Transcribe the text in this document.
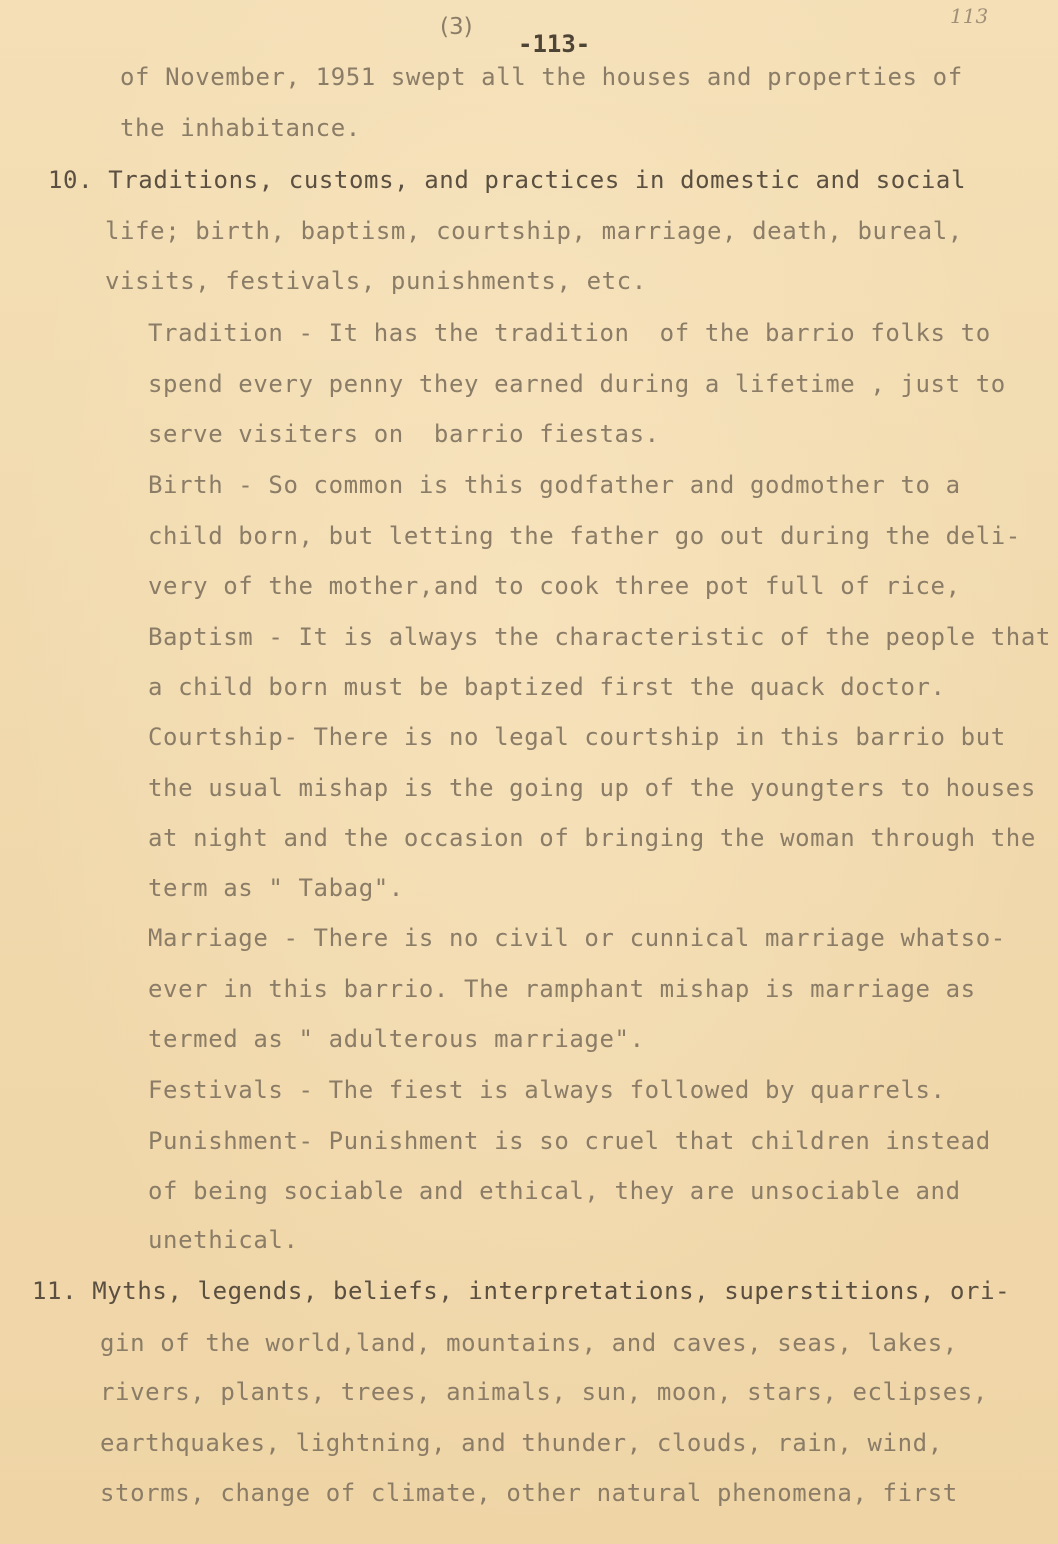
(3)
-113-
113
of November, 1951 swept all the houses and properties of
the inhabitance.
10. Traditions, customs, and practices in domestic and social
life; birth, baptism, courtship, marriage, death, bureal,
visits, festivals, punishments, etc.
Tradition - It has the tradition  of the barrio folks to
spend every penny they earned during a lifetime , just to
serve visiters on  barrio fiestas.
Birth - So common is this godfather and godmother to a
child born, but letting the father go out during the deli-
very of the mother,and to cook three pot full of rice,
Baptism - It is always the characteristic of the people that
a child born must be baptized first the quack doctor.
Courtship- There is no legal courtship in this barrio but
the usual mishap is the going up of the youngters to houses
at night and the occasion of bringing the woman through the
term as " Tabag".
Marriage - There is no civil or cunnical marriage whatso-
ever in this barrio. The ramphant mishap is marriage as
termed as " adulterous marriage".
Festivals - The fiest is always followed by quarrels.
Punishment- Punishment is so cruel that children instead
of being sociable and ethical, they are unsociable and
unethical.
11. Myths, legends, beliefs, interpretations, superstitions, ori-
gin of the world,land, mountains, and caves, seas, lakes,
rivers, plants, trees, animals, sun, moon, stars, eclipses,
earthquakes, lightning, and thunder, clouds, rain, wind,
storms, change of climate, other natural phenomena, first
